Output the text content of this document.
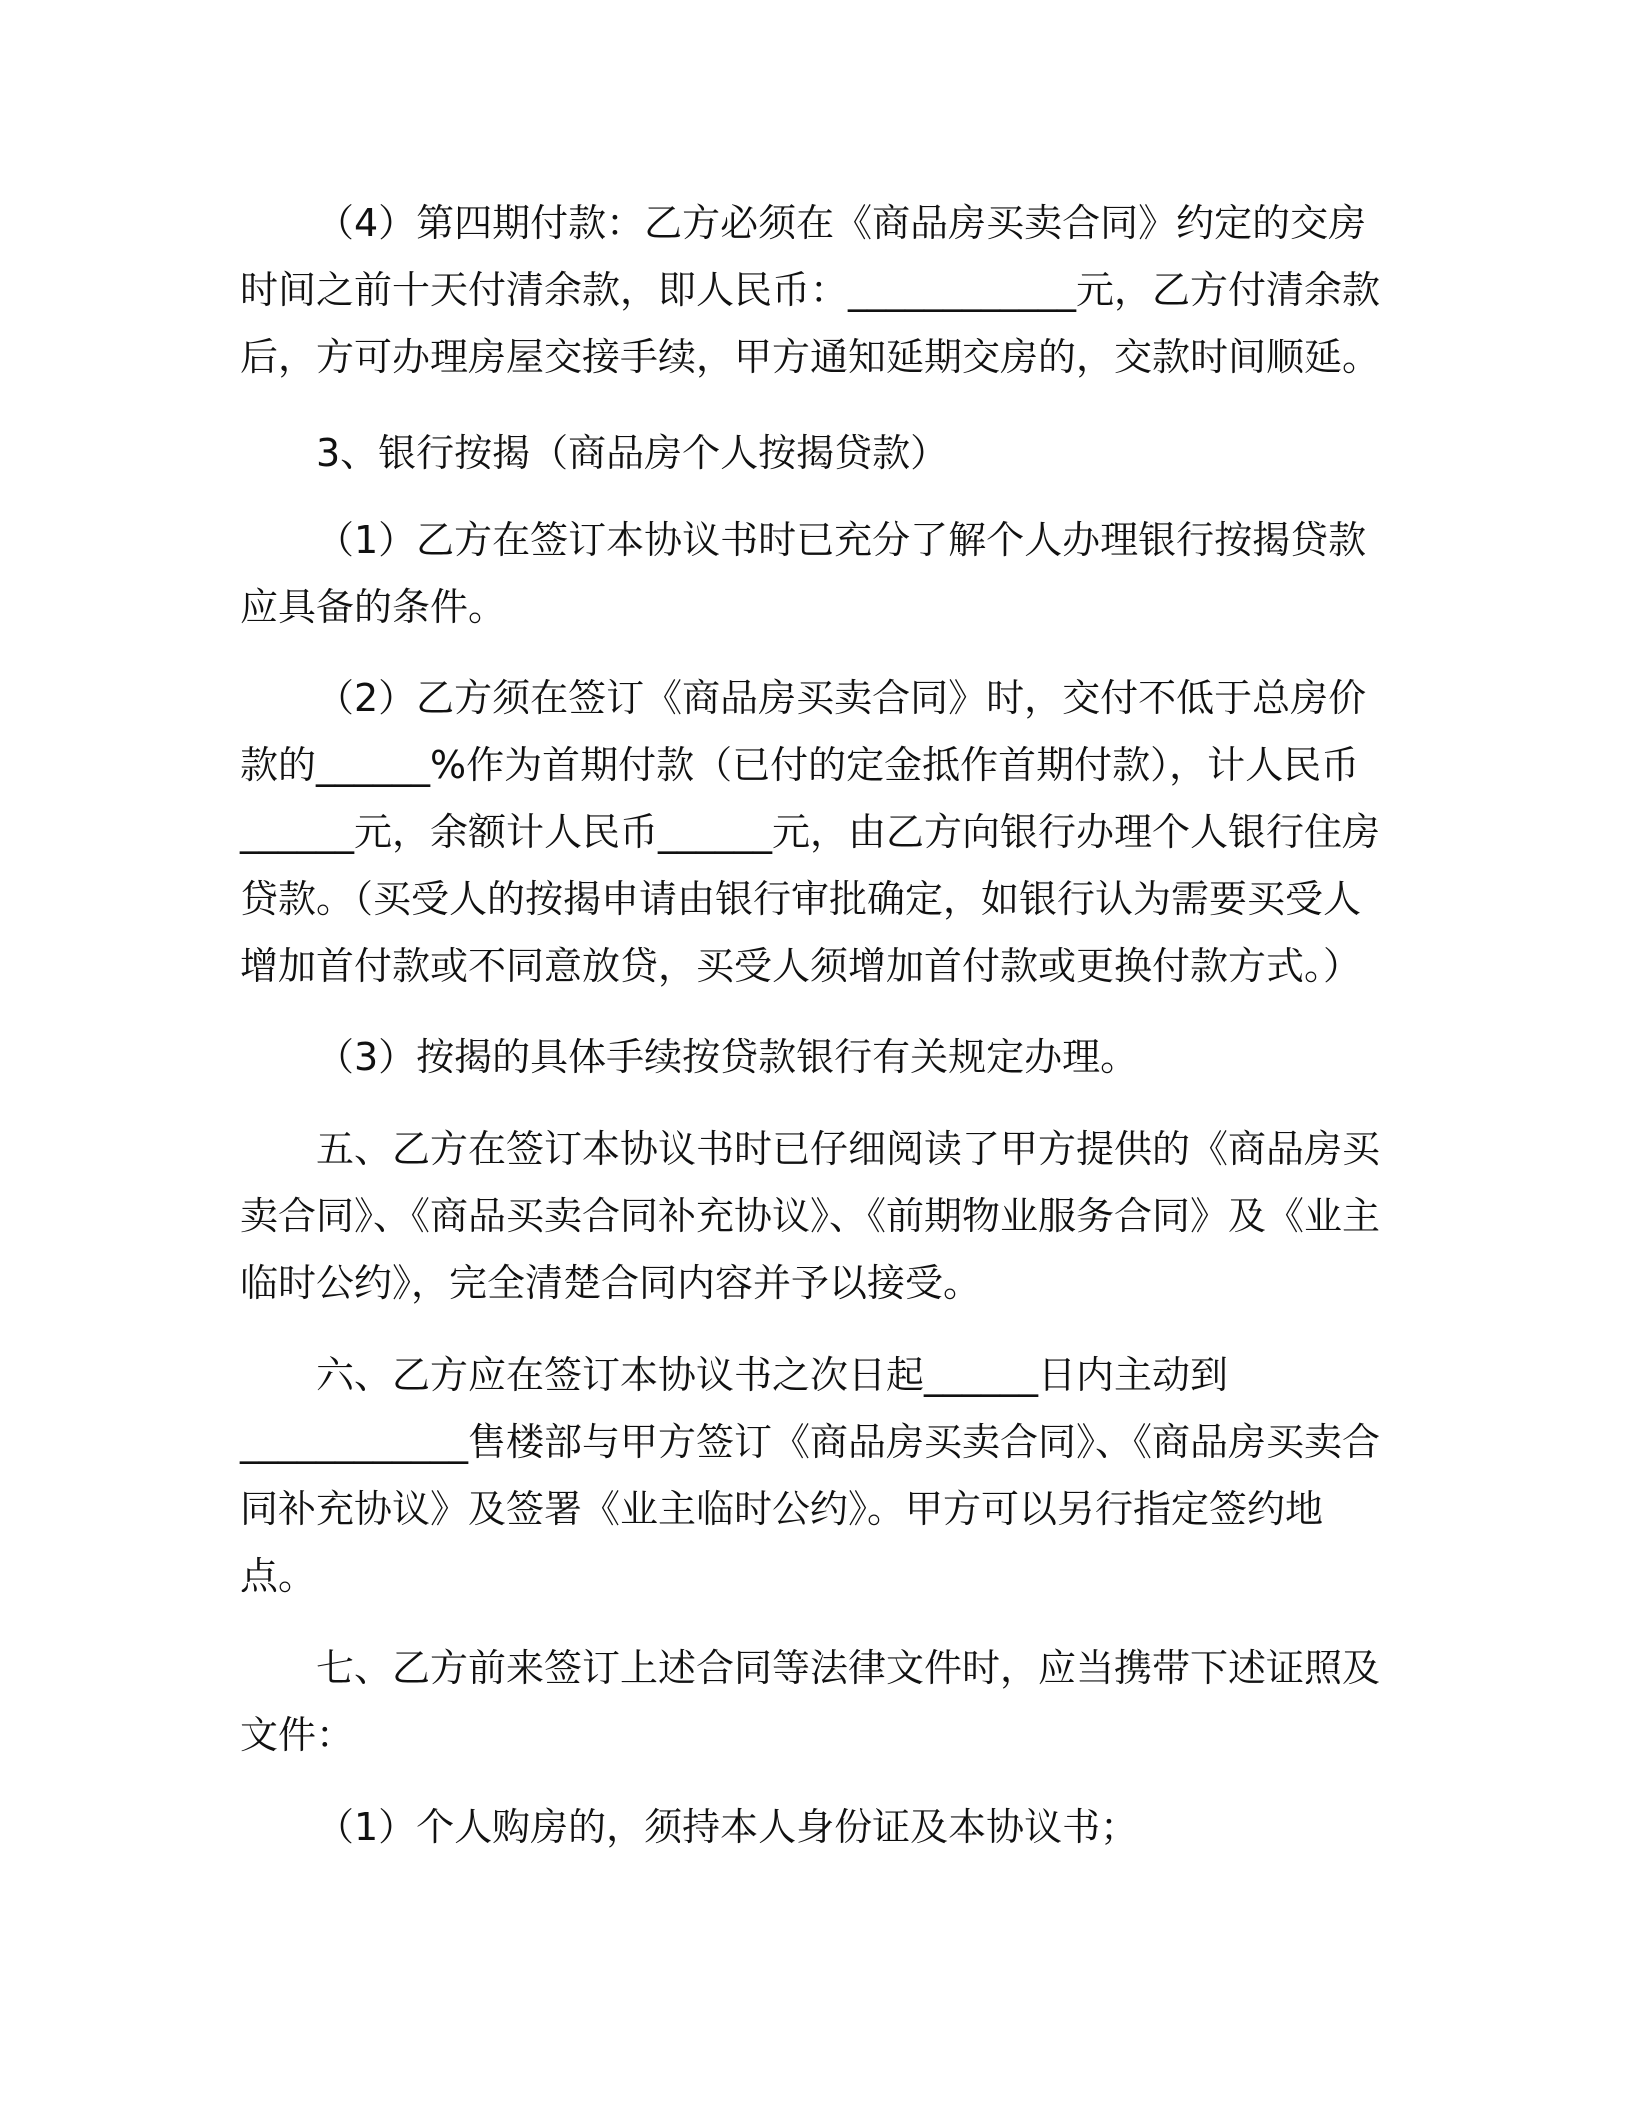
（4）第四期付款：乙方必须在《商品房买卖合同》约定的交房时间之前十天付清余款，即人民币：____________元，乙方付清余款后，方可办理房屋交接手续，甲方通知延期交房的，交款时间顺延。

3、银行按揭（商品房个人按揭贷款）

（1）乙方在签订本协议书时已充分了解个人办理银行按揭贷款应具备的条件。

（2）乙方须在签订《商品房买卖合同》时，交付不低于总房价款的______%作为首期付款（已付的定金抵作首期付款），计人民币______元，余额计人民币______元，由乙方向银行办理个人银行住房贷款。（买受人的按揭申请由银行审批确定，如银行认为需要买受人增加首付款或不同意放贷，买受人须增加首付款或更换付款方式。）

（3）按揭的具体手续按贷款银行有关规定办理。

五、乙方在签订本协议书时已仔细阅读了甲方提供的《商品房买卖合同》、《商品买卖合同补充协议》、《前期物业服务合同》及《业主临时公约》，完全清楚合同内容并予以接受。

六、乙方应在签订本协议书之次日起______日内主动到____________售楼部与甲方签订《商品房买卖合同》、《商品房买卖合同补充协议》及签署《业主临时公约》。甲方可以另行指定签约地点。

七、乙方前来签订上述合同等法律文件时，应当携带下述证照及文件：

（1）个人购房的，须持本人身份证及本协议书；
